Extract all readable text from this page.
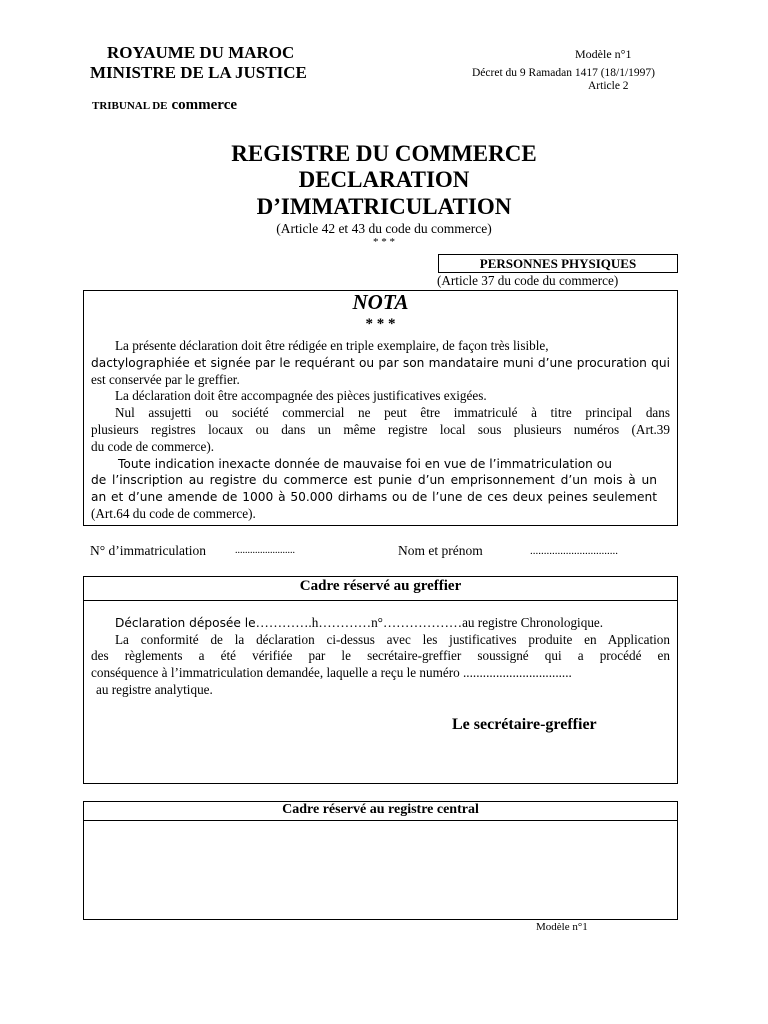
ROYAUME DU MAROC
MINISTRE DE LA JUSTICE
TRIBUNAL DE commerce
Modèle n°1
Décret du 9 Ramadan 1417 (18/1/1997)
Article 2
REGISTRE DU COMMERCE
DECLARATION
D’IMMATRICULATION
(Article 42 et 43 du code du commerce)
* * *
PERSONNES PHYSIQUES
(Article 37 du code du commerce)
NOTA
* * *
La présente déclaration doit être rédigée en triple exemplaire, de façon très lisible,
dactylographiée et signée par le requérant ou par son mandataire muni d’une procuration qui
est conservée par le greffier.
La déclaration doit être accompagnée des pièces justificatives exigées.
Nul assujetti ou société commercial ne peut être immatriculé à titre principal dans
plusieurs registres locaux ou dans un même registre local sous plusieurs numéros (Art.39
du code de commerce).
Toute indication inexacte donnée de mauvaise foi en vue de l’immatriculation ou
de l’inscription au registre du commerce est punie d’un emprisonnement d’un mois à un
an et d’une amende de 1000 à 50.000 dirhams ou de l’une de ces deux peines seulement
(Art.64 du code de commerce).
N° d’immatriculation	........................	Nom et prénom	................................
Cadre réservé au greffier
Déclaration déposée le………….h…………n°………………au registre Chronologique.
La conformité de la déclaration ci-dessus avec les justificatives produite en Application
des règlements a été vérifiée par le secrétaire-greffier soussigné qui a procédé en
conséquence à l’immatriculation demandée, laquelle a reçu le numéro .................................
au registre analytique.
Le secrétaire-greffier
Cadre réservé au registre central
Modèle n°1
